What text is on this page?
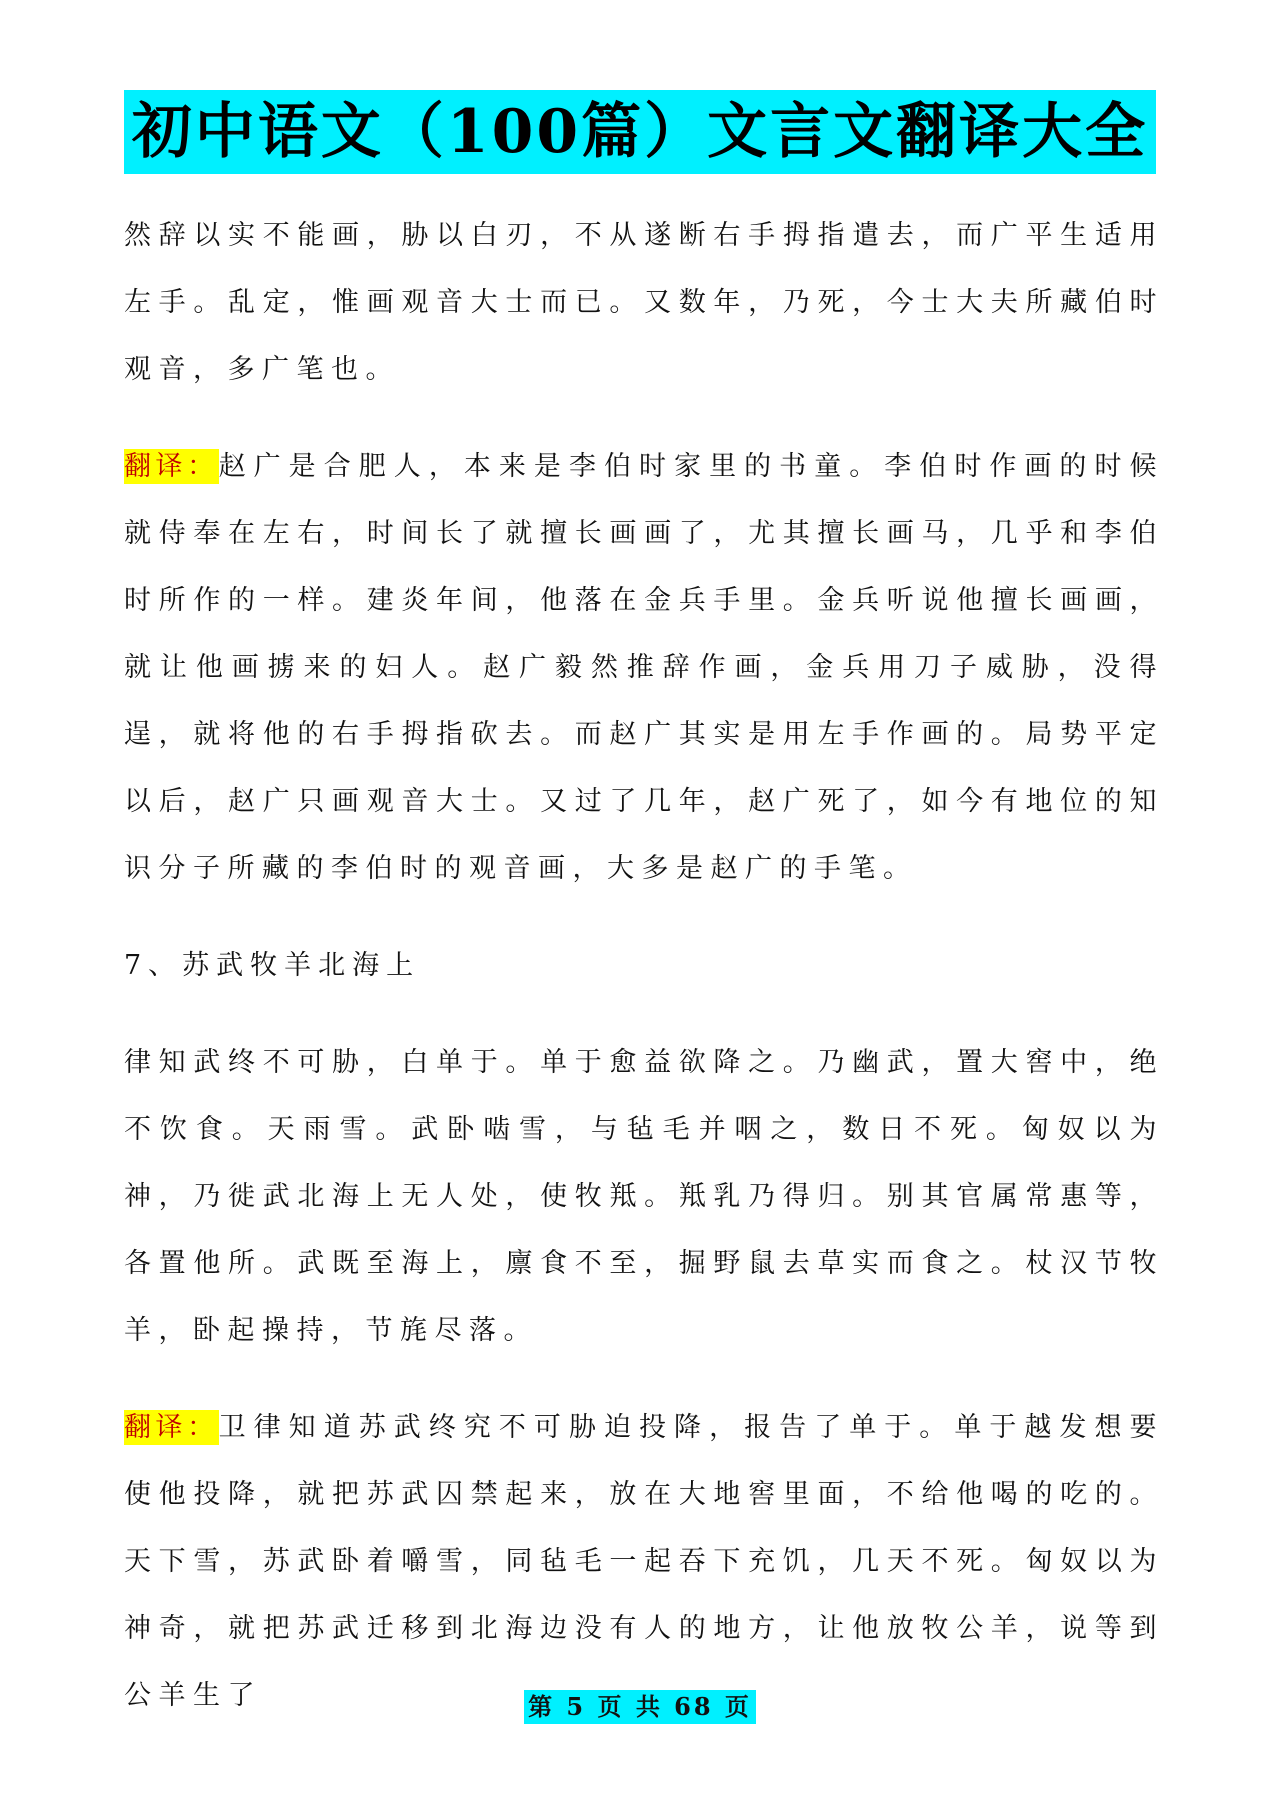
初中语文（100篇）文言文翻译大全

然辞以实不能画，胁以白刃，不从遂断右手拇指遣去，而广平生适用左手。乱定，惟画观音大士而已。又数年，乃死，今士大夫所藏伯时观音，多广笔也。

翻译：赵广是合肥人，本来是李伯时家里的书童。李伯时作画的时候就侍奉在左右，时间长了就擅长画画了，尤其擅长画马，几乎和李伯时所作的一样。建炎年间，他落在金兵手里。金兵听说他擅长画画，就让他画掳来的妇人。赵广毅然推辞作画，金兵用刀子威胁，没得逞，就将他的右手拇指砍去。而赵广其实是用左手作画的。局势平定以后，赵广只画观音大士。又过了几年，赵广死了，如今有地位的知识分子所藏的李伯时的观音画，大多是赵广的手笔。

7、苏武牧羊北海上

律知武终不可胁，白单于。单于愈益欲降之。乃幽武，置大窖中，绝不饮食。天雨雪。武卧啮雪，与毡毛并咽之，数日不死。匈奴以为神，乃徙武北海上无人处，使牧羝。羝乳乃得归。别其官属常惠等，各置他所。武既至海上，廪食不至，掘野鼠去草实而食之。杖汉节牧羊，卧起操持，节旄尽落。

翻译：卫律知道苏武终究不可胁迫投降，报告了单于。单于越发想要使他投降，就把苏武囚禁起来，放在大地窖里面，不给他喝的吃的。天下雪，苏武卧着嚼雪，同毡毛一起吞下充饥，几天不死。匈奴以为神奇，就把苏武迁移到北海边没有人的地方，让他放牧公羊，说等到公羊生了	第 5 页 共 68 页
